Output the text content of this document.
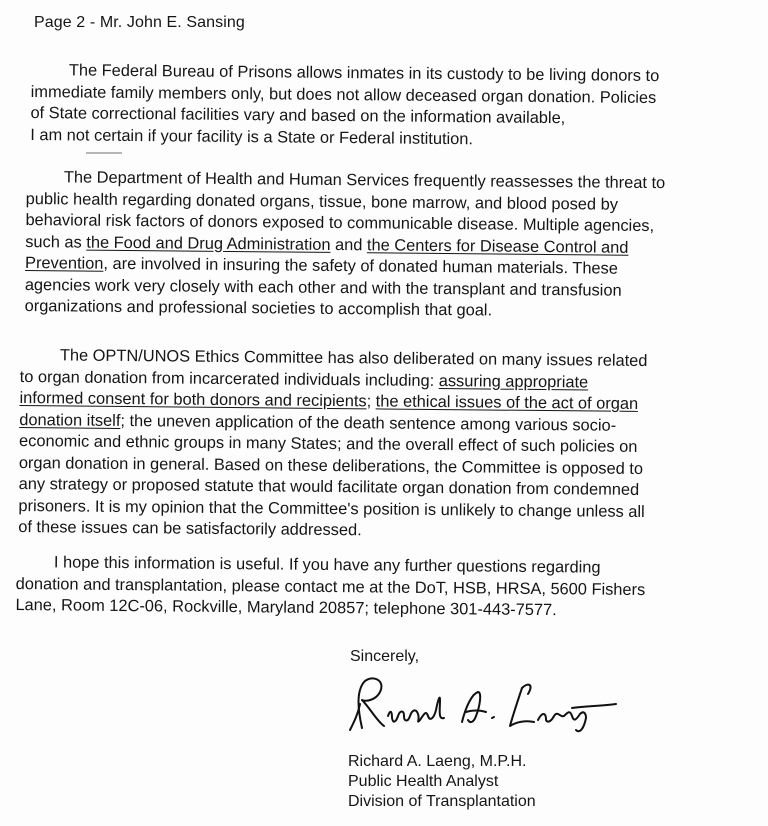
Page 2 - Mr. John E. Sansing
The Federal Bureau of Prisons allows inmates in its custody to be living donors to
immediate family members only, but does not allow deceased organ donation. Policies
of State correctional facilities vary and based on the information available,
I am not certain if your facility is a State or Federal institution.
The Department of Health and Human Services frequently reassesses the threat to
public health regarding donated organs, tissue, bone marrow, and blood posed by
behavioral risk factors of donors exposed to communicable disease. Multiple agencies,
such as the Food and Drug Administration and the Centers for Disease Control and
Prevention, are involved in insuring the safety of donated human materials. These
agencies work very closely with each other and with the transplant and transfusion
organizations and professional societies to accomplish that goal.
The OPTN/UNOS Ethics Committee has also deliberated on many issues related
to organ donation from incarcerated individuals including: assuring appropriate
informed consent for both donors and recipients; the ethical issues of the act of organ
donation itself; the uneven application of the death sentence among various socio-
economic and ethnic groups in many States; and the overall effect of such policies on
organ donation in general. Based on these deliberations, the Committee is opposed to
any strategy or proposed statute that would facilitate organ donation from condemned
prisoners. It is my opinion that the Committee's position is unlikely to change unless all
of these issues can be satisfactorily addressed.
I hope this information is useful. If you have any further questions regarding
donation and transplantation, please contact me at the DoT, HSB, HRSA, 5600 Fishers
Lane, Room 12C-06, Rockville, Maryland 20857; telephone 301-443-7577.
Sincerely,
Richard A. Laeng, M.P.H.
Public Health Analyst
Division of Transplantation
